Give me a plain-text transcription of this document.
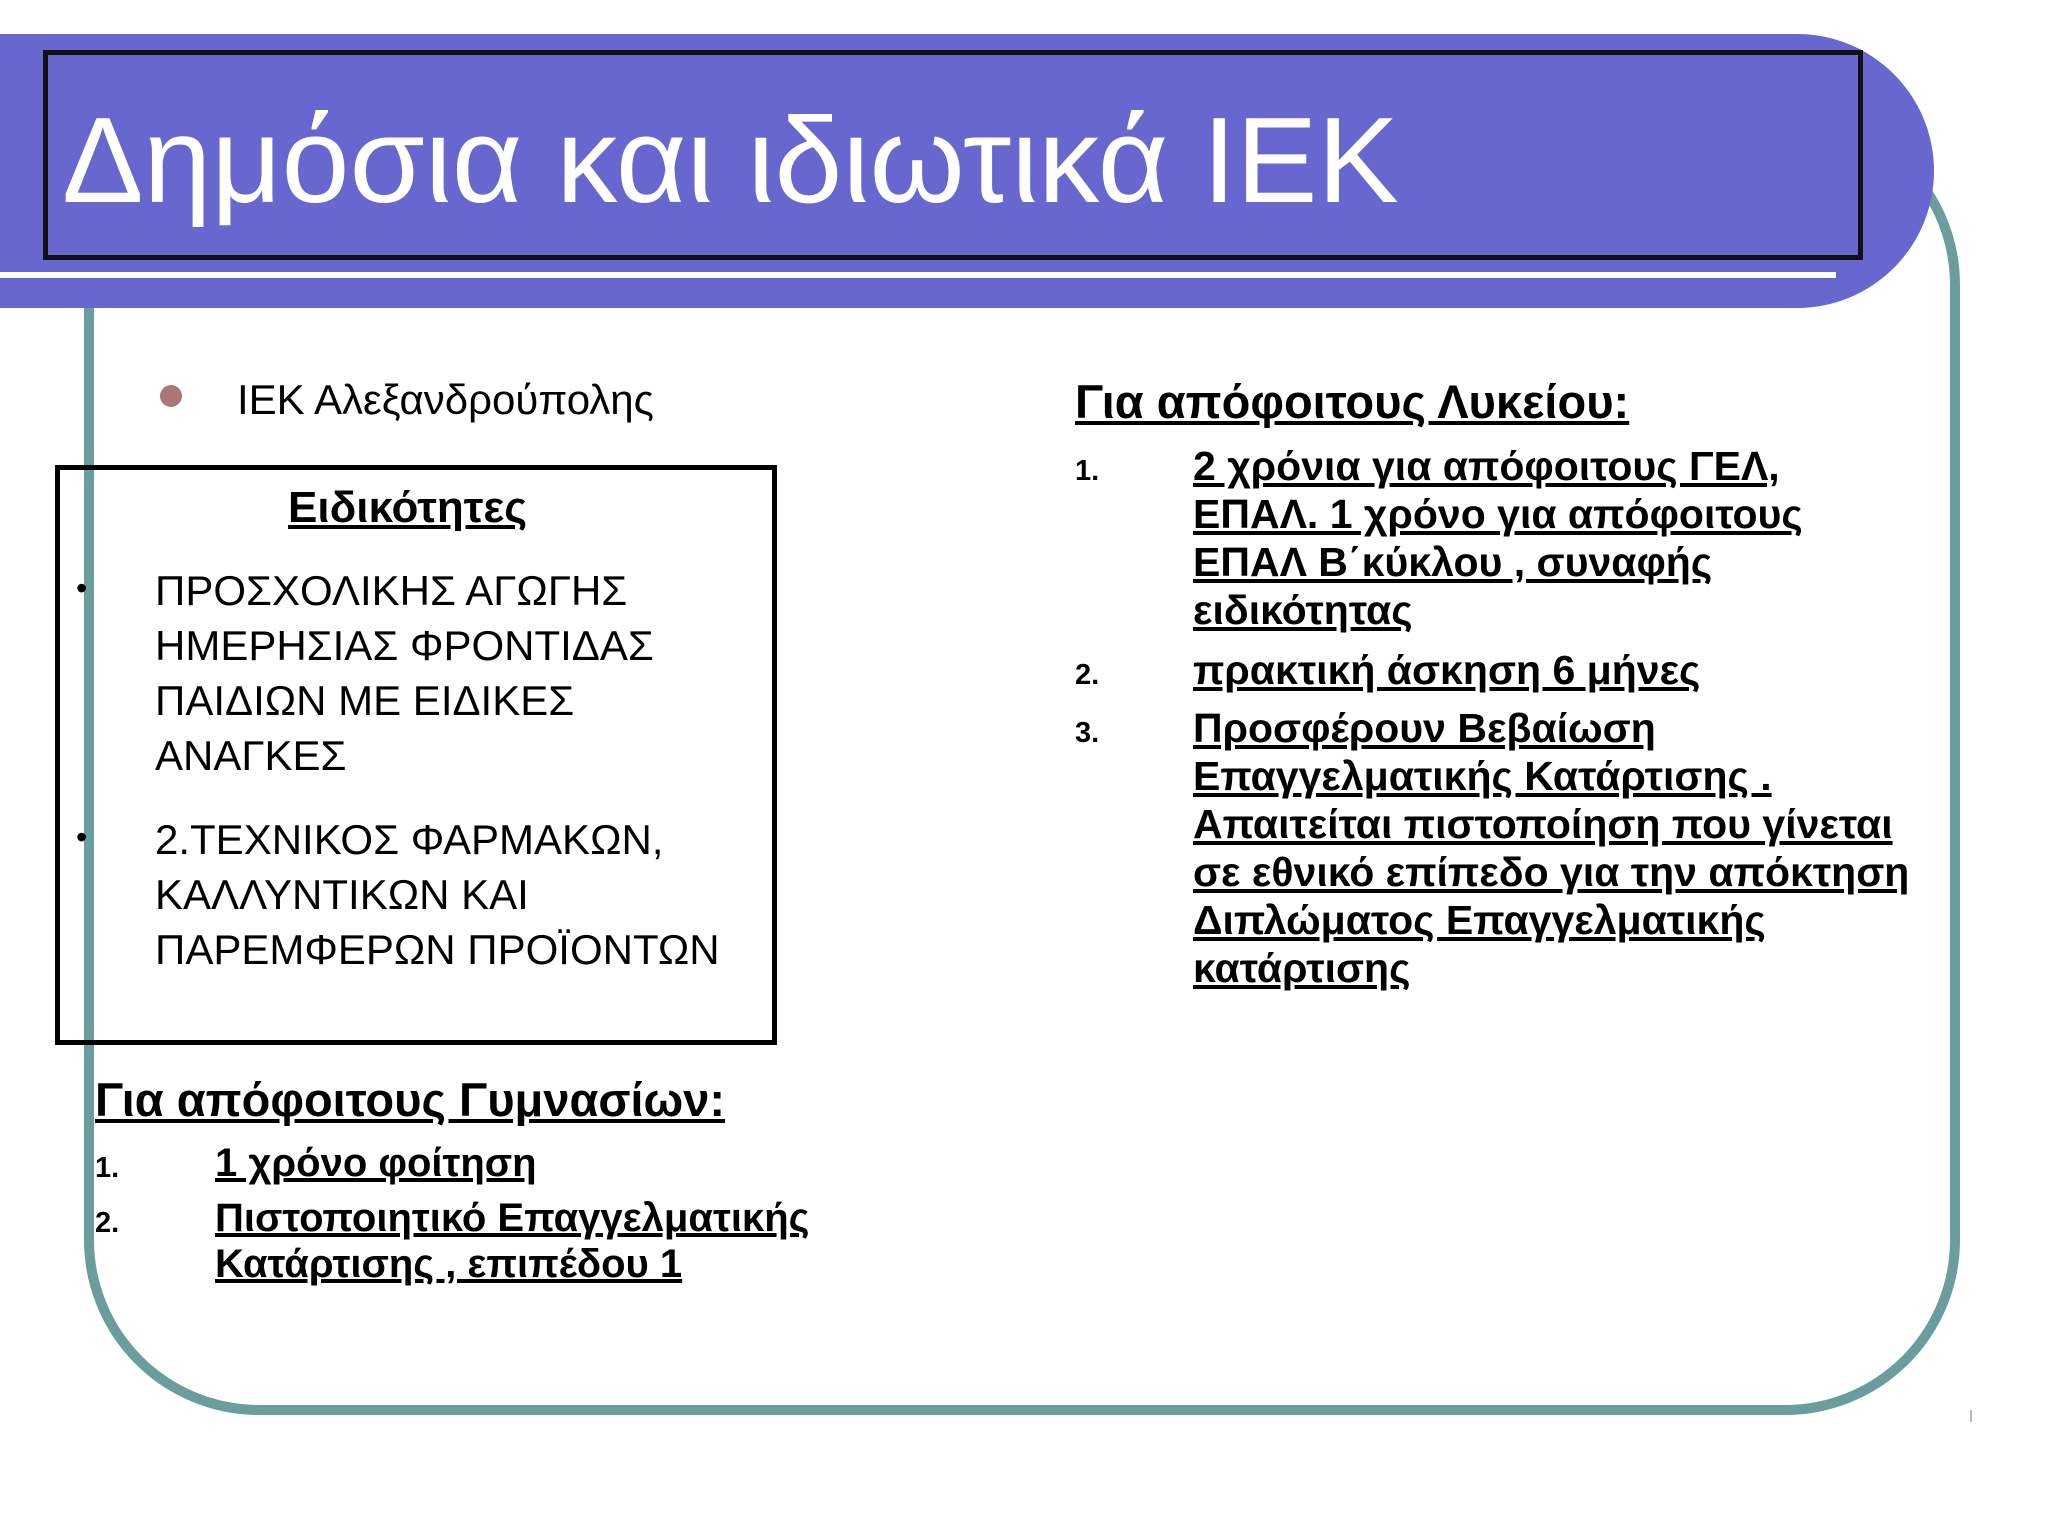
Δημόσια και ιδιωτικά ΙΕΚ
ΙΕΚ Αλεξανδρούπολης
Ειδικότητες
• ΠΡΟΣΧΟΛΙΚΗΣ ΑΓΩΓΗΣ ΗΜΕΡΗΣΙΑΣ ΦΡΟΝΤΙΔΑΣ ΠΑΙΔΙΩΝ ΜΕ ΕΙΔΙΚΕΣ ΑΝΑΓΚΕΣ
• 2.ΤΕΧΝΙΚΟΣ ΦΑΡΜΑΚΩΝ, ΚΑΛΛΥΝΤΙΚΩΝ ΚΑΙ ΠΑΡΕΜΦΕΡΩΝ ΠΡΟΪΟΝΤΩΝ
Για απόφοιτους Λυκείου:
1. 2 χρόνια για απόφοιτους ΓΕΛ, ΕΠΑΛ. 1 χρόνο για απόφοιτους ΕΠΑΛ Β΄κύκλου , συναφής ειδικότητας
2. πρακτική άσκηση 6 μήνες
3. Προσφέρουν Βεβαίωση Επαγγελματικής Κατάρτισης . Απαιτείται πιστοποίηση που γίνεται σε εθνικό επίπεδο για την απόκτηση Διπλώματος Επαγγελματικής κατάρτισης
Για απόφοιτους Γυμνασίων:
1. 1 χρόνο φοίτηση
2. Πιστοποιητικό Επαγγελματικής Κατάρτισης , επιπέδου 1
